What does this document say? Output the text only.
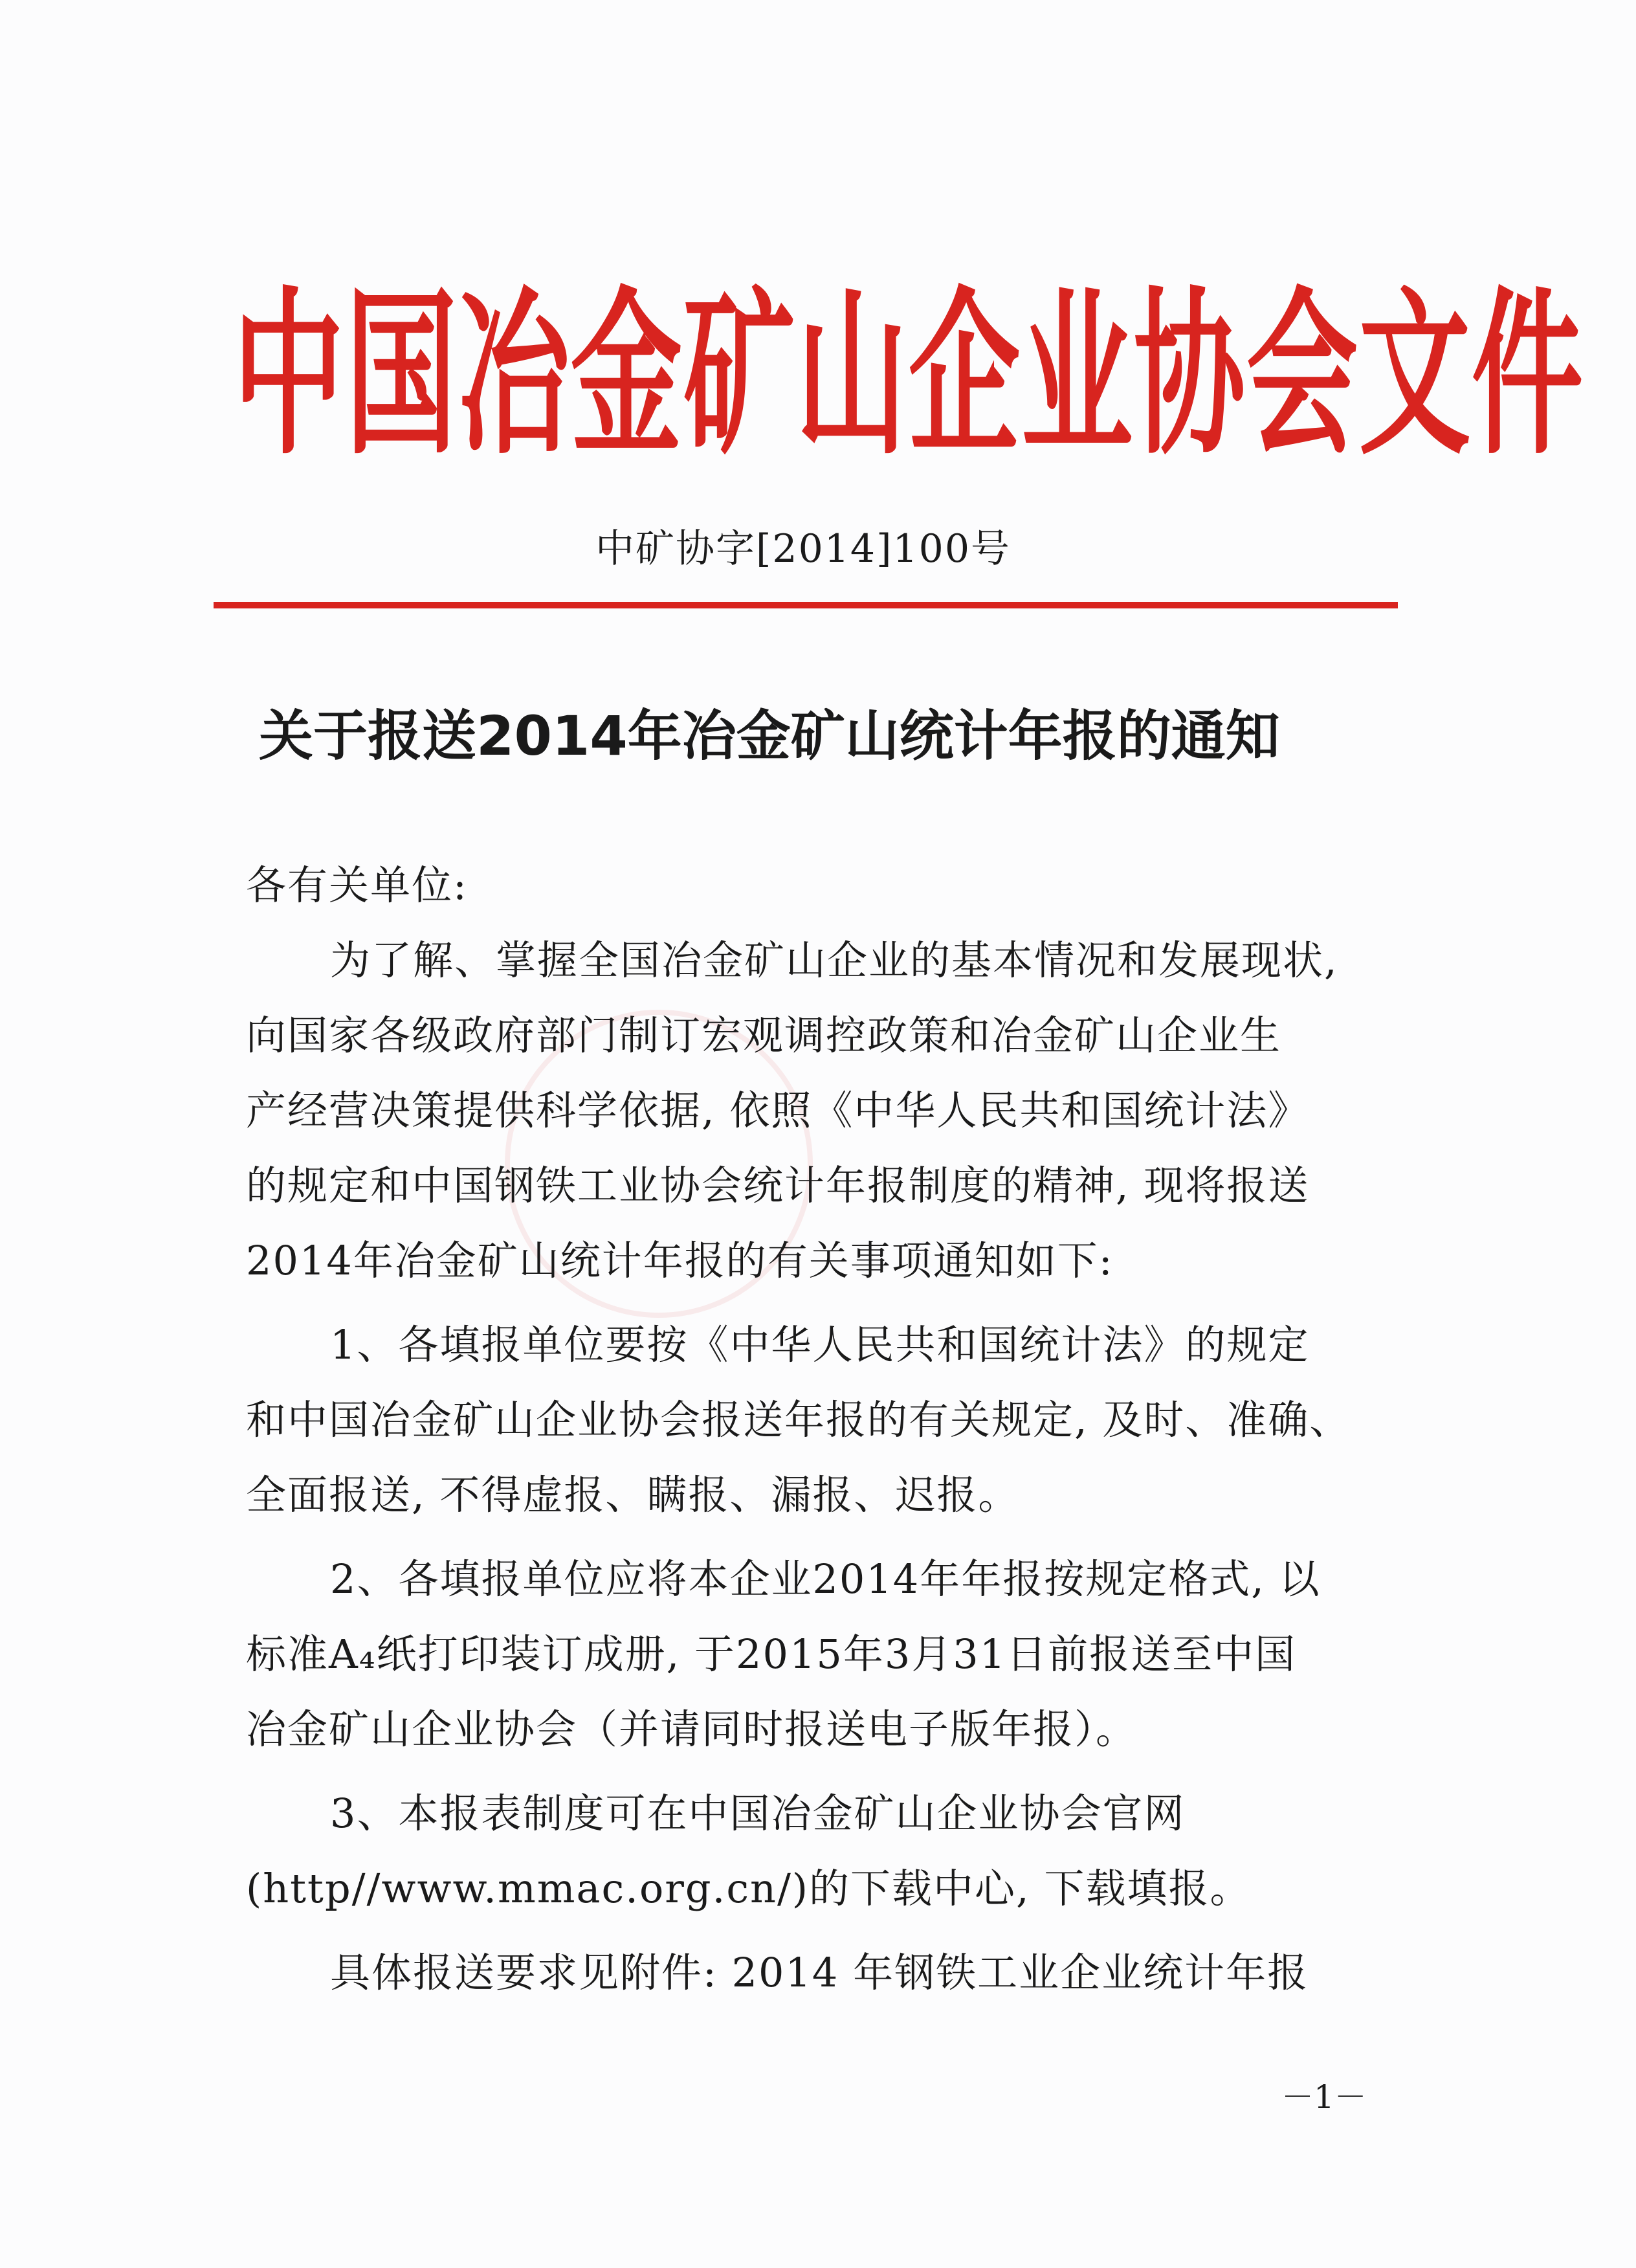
中国冶金矿山企业协会文件
中矿协字[2014]100号
关于报送2014年冶金矿山统计年报的通知
各有关单位:
为了解、掌握全国冶金矿山企业的基本情况和发展现状,
向国家各级政府部门制订宏观调控政策和冶金矿山企业生
产经营决策提供科学依据, 依照《中华人民共和国统计法》
的规定和中国钢铁工业协会统计年报制度的精神, 现将报送
2014年冶金矿山统计年报的有关事项通知如下:
1、各填报单位要按《中华人民共和国统计法》的规定
和中国冶金矿山企业协会报送年报的有关规定, 及时、准确、
全面报送, 不得虚报、瞒报、漏报、迟报。
2、各填报单位应将本企业2014年年报按规定格式, 以
标准A₄纸打印装订成册, 于2015年3月31日前报送至中国
冶金矿山企业协会（并请同时报送电子版年报）。
3、本报表制度可在中国冶金矿山企业协会官网
(http//www.mmac.org.cn/)的下载中心, 下载填报。
具体报送要求见附件: 2014 年钢铁工业企业统计年报
－1－
